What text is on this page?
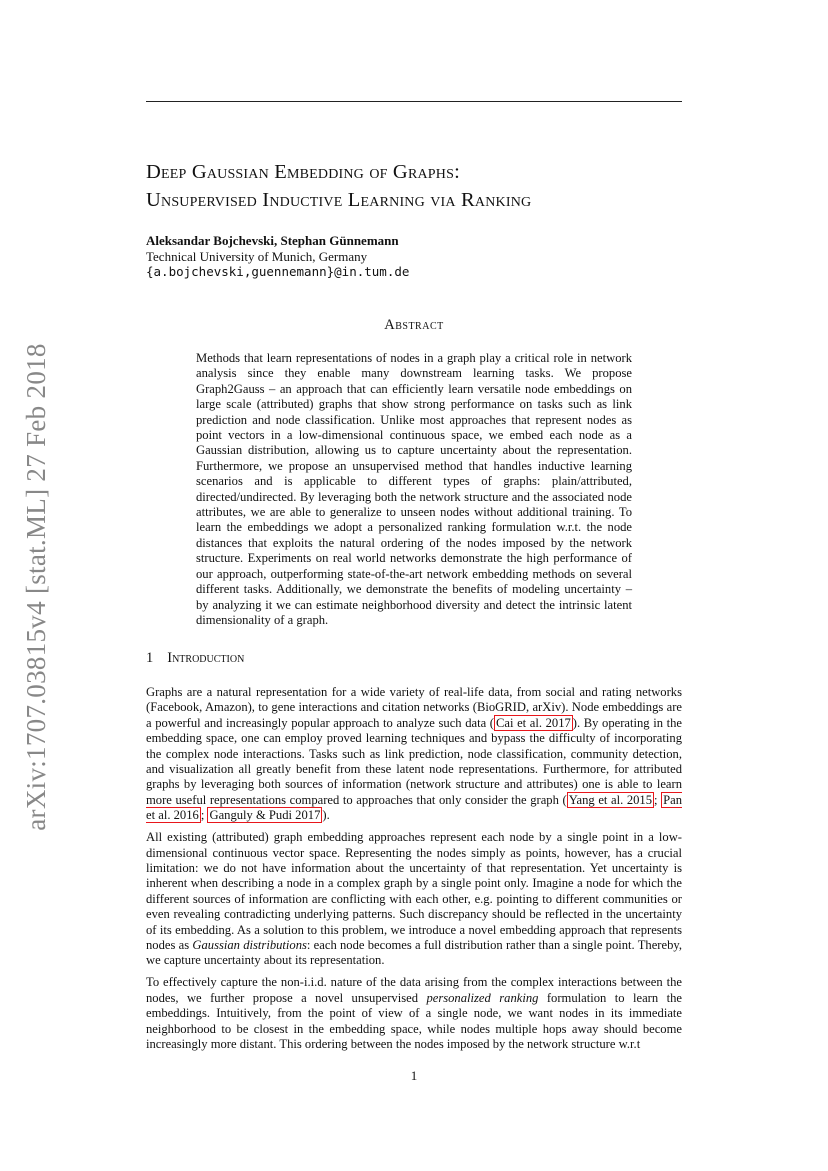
arXiv:1707.03815v4 [stat.ML] 27 Feb 2018
Deep Gaussian Embedding of Graphs:
Unsupervised Inductive Learning via Ranking
Aleksandar Bojchevski, Stephan Günnemann
Technical University of Munich, Germany
{a.bojchevski,guennemann}@in.tum.de
Abstract

Methods that learn representations of nodes in a graph play a critical role in network analysis since they enable many downstream learning tasks. We propose Graph2Gauss – an approach that can efficiently learn versatile node embeddings on large scale (attributed) graphs that show strong performance on tasks such as link prediction and node classification. Unlike most approaches that represent nodes as point vectors in a low-dimensional continuous space, we embed each node as a Gaussian distribution, allowing us to capture uncertainty about the representation. Furthermore, we propose an unsupervised method that handles inductive learning scenarios and is applicable to different types of graphs: plain/attributed, directed/undirected. By leveraging both the network structure and the associated node attributes, we are able to generalize to unseen nodes without additional training. To learn the embeddings we adopt a personalized ranking formulation w.r.t. the node distances that exploits the natural ordering of the nodes imposed by the network structure. Experiments on real world networks demonstrate the high performance of our approach, outperforming state-of-the-art network embedding methods on several different tasks. Additionally, we demonstrate the benefits of modeling uncertainty – by analyzing it we can estimate neighborhood diversity and detect the intrinsic latent dimensionality of a graph.

1 Introduction

Graphs are a natural representation for a wide variety of real-life data, from social and rating networks (Facebook, Amazon), to gene interactions and citation networks (BioGRID, arXiv). Node embeddings are a powerful and increasingly popular approach to analyze such data ( Cai et al. 2017 ). By operating in the embedding space, one can employ proved learning techniques and bypass the difficulty of incorporating the complex node interactions. Tasks such as link prediction, node classification, community detection, and visualization all greatly benefit from these latent node representations. Furthermore, for attributed graphs by leveraging both sources of information (network structure and attributes) one is able to learn more useful representations compared to approaches that only consider the graph ( Yang et al. 2015 ; Pan et al. 2016 ; Ganguly & Pudi 2017 ).

All existing (attributed) graph embedding approaches represent each node by a single point in a low-dimensional continuous vector space. Representing the nodes simply as points, however, has a crucial limitation: we do not have information about the uncertainty of that representation. Yet uncertainty is inherent when describing a node in a complex graph by a single point only. Imagine a node for which the different sources of information are conflicting with each other, e.g. pointing to different communities or even revealing contradicting underlying patterns. Such discrepancy should be reflected in the uncertainty of its embedding. As a solution to this problem, we introduce a novel embedding approach that represents nodes as Gaussian distributions: each node becomes a full distribution rather than a single point. Thereby, we capture uncertainty about its representation.

To effectively capture the non-i.i.d. nature of the data arising from the complex interactions between the nodes, we further propose a novel unsupervised personalized ranking formulation to learn the embeddings. Intuitively, from the point of view of a single node, we want nodes in its immediate neighborhood to be closest in the embedding space, while nodes multiple hops away should become increasingly more distant. This ordering between the nodes imposed by the network structure w.r.t

1
